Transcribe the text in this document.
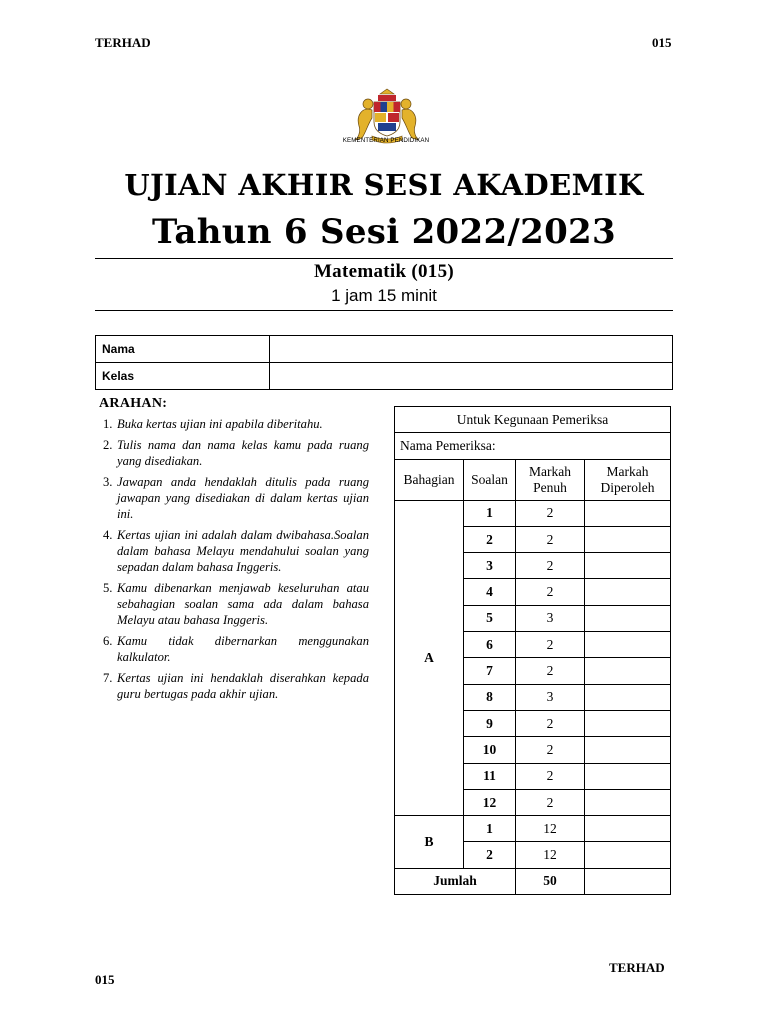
TERHAD	015
KEMENTERIAN PENDIDIKAN
UJIAN AKHIR SESI AKADEMIK
Tahun 6 Sesi 2022/2023
Matematik (015)
1 jam 15 minit
Nama	
Kelas	
ARAHAN:
1. Buka kertas ujian ini apabila diberitahu.
2. Tulis nama dan nama kelas kamu pada ruang yang disediakan.
3. Jawapan anda hendaklah ditulis pada ruang jawapan yang disediakan di dalam kertas ujian ini.
4. Kertas ujian ini adalah dalam dwibahasa.Soalan dalam bahasa Melayu mendahului soalan yang sepadan dalam bahasa Inggeris.
5. Kamu dibenarkan menjawab keseluruhan atau sebahagian soalan sama ada dalam bahasa Melayu atau bahasa Inggeris.
6. Kamu tidak dibernarkan menggunakan kalkulator.
7. Kertas ujian ini hendaklah diserahkan kepada guru bertugas pada akhir ujian.
Untuk Kegunaan Pemeriksa			
Nama Pemeriksa:			
Bahagian	Soalan	Markah Penuh	Markah Diperoleh
A	1	2	
	2	2	
	3	2	
	4	2	
	5	3	
	6	2	
	7	2	
	8	3	
	9	2	
	10	2	
	11	2	
	12	2	
B	1	12	
	2	12	
Jumlah		50	
015
TERHAD
